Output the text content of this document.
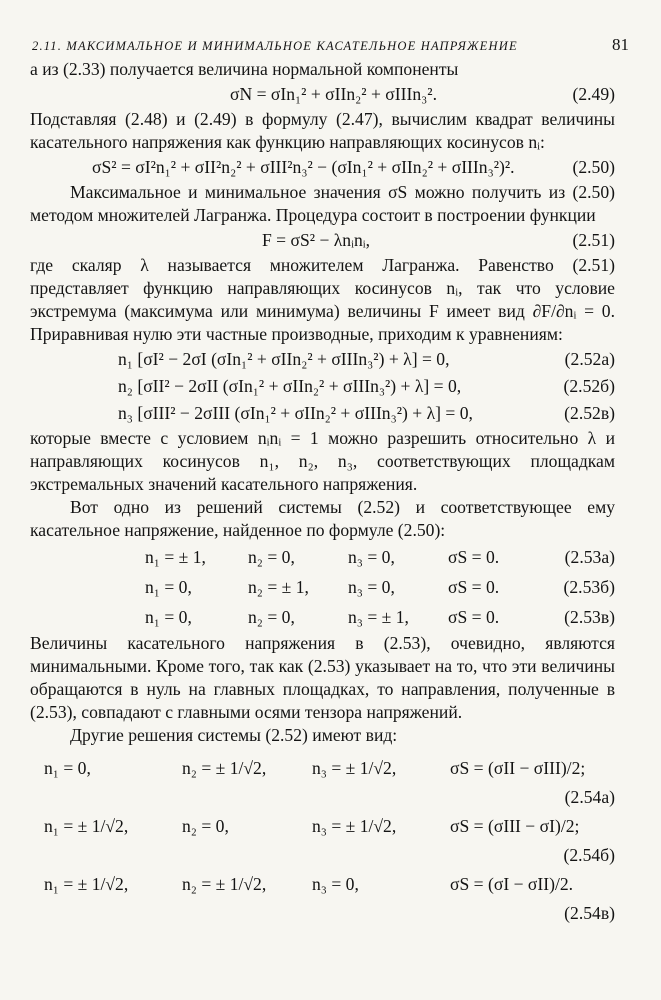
2.11. МАКСИМАЛЬНОЕ И МИНИМАЛЬНОЕ КАСАТЕЛЬНОЕ НАПРЯЖЕНИЕ	81

а из (2.33) получается величина нормальной компоненты

σN = σIn₁² + σIIn₂² + σIIIn₃².	(2.49)

Подставляя (2.48) и (2.49) в формулу (2.47), вычислим квадрат величины касательного напряжения как функцию направляющих косинусов nᵢ:

σS² = σI²n₁² + σII²n₂² + σIII²n₃² − (σIn₁² + σIIn₂² + σIIIn₃²)².	(2.50)

Максимальное и минимальное значения σS можно получить из (2.50) методом множителей Лагранжа. Процедура состоит в построении функции

F = σS² − λnᵢnᵢ,	(2.51)

где скаляр λ называется множителем Лагранжа. Равенство (2.51) представляет функцию направляющих косинусов nᵢ, так что условие экстремума (максимума или минимума) величины F имеет вид ∂F/∂nᵢ = 0. Приравнивая нулю эти частные производные, приходим к уравнениям:

n₁ [σI² − 2σI (σIn₁² + σIIn₂² + σIIIn₃²) + λ] = 0,	(2.52а)
n₂ [σII² − 2σII (σIn₁² + σIIn₂² + σIIIn₃²) + λ] = 0,	(2.52б)
n₃ [σIII² − 2σIII (σIn₁² + σIIn₂² + σIIIn₃²) + λ] = 0,	(2.52в)

которые вместе с условием nᵢnᵢ = 1 можно разрешить относительно λ и направляющих косинусов n₁, n₂, n₃, соответствующих площадкам экстремальных значений касательного напряжения.

Вот одно из решений системы (2.52) и соответствующее ему касательное напряжение, найденное по формуле (2.50):

n₁ = ± 1, n₂ = 0,	n₃ = 0,	σS = 0.	(2.53а)
n₁ = 0,	n₂ = ± 1, n₃ = 0,	σS = 0.	(2.53б)
n₁ = 0,	n₂ = 0,	n₃ = ± 1, σS = 0.	(2.53в)

Величины касательного напряжения в (2.53), очевидно, являются минимальными. Кроме того, так как (2.53) указывает на то, что эти величины обращаются в нуль на главных площадках, то направления, полученные в (2.53), совпадают с главными осями тензора напряжений.

Другие решения системы (2.52) имеют вид:

n₁ = 0,	n₂ = ± 1/√2,	n₃ = ± 1/√2,	σS = (σII − σIII)/2;
(2.54а)
n₁ = ± 1/√2,	n₂ = 0,	n₃ = ± 1/√2,	σS = (σIII − σI)/2;
(2.54б)
n₁ = ± 1/√2,	n₂ = ± 1/√2,	n₃ = 0,	σS = (σI − σII)/2.
(2.54в)
